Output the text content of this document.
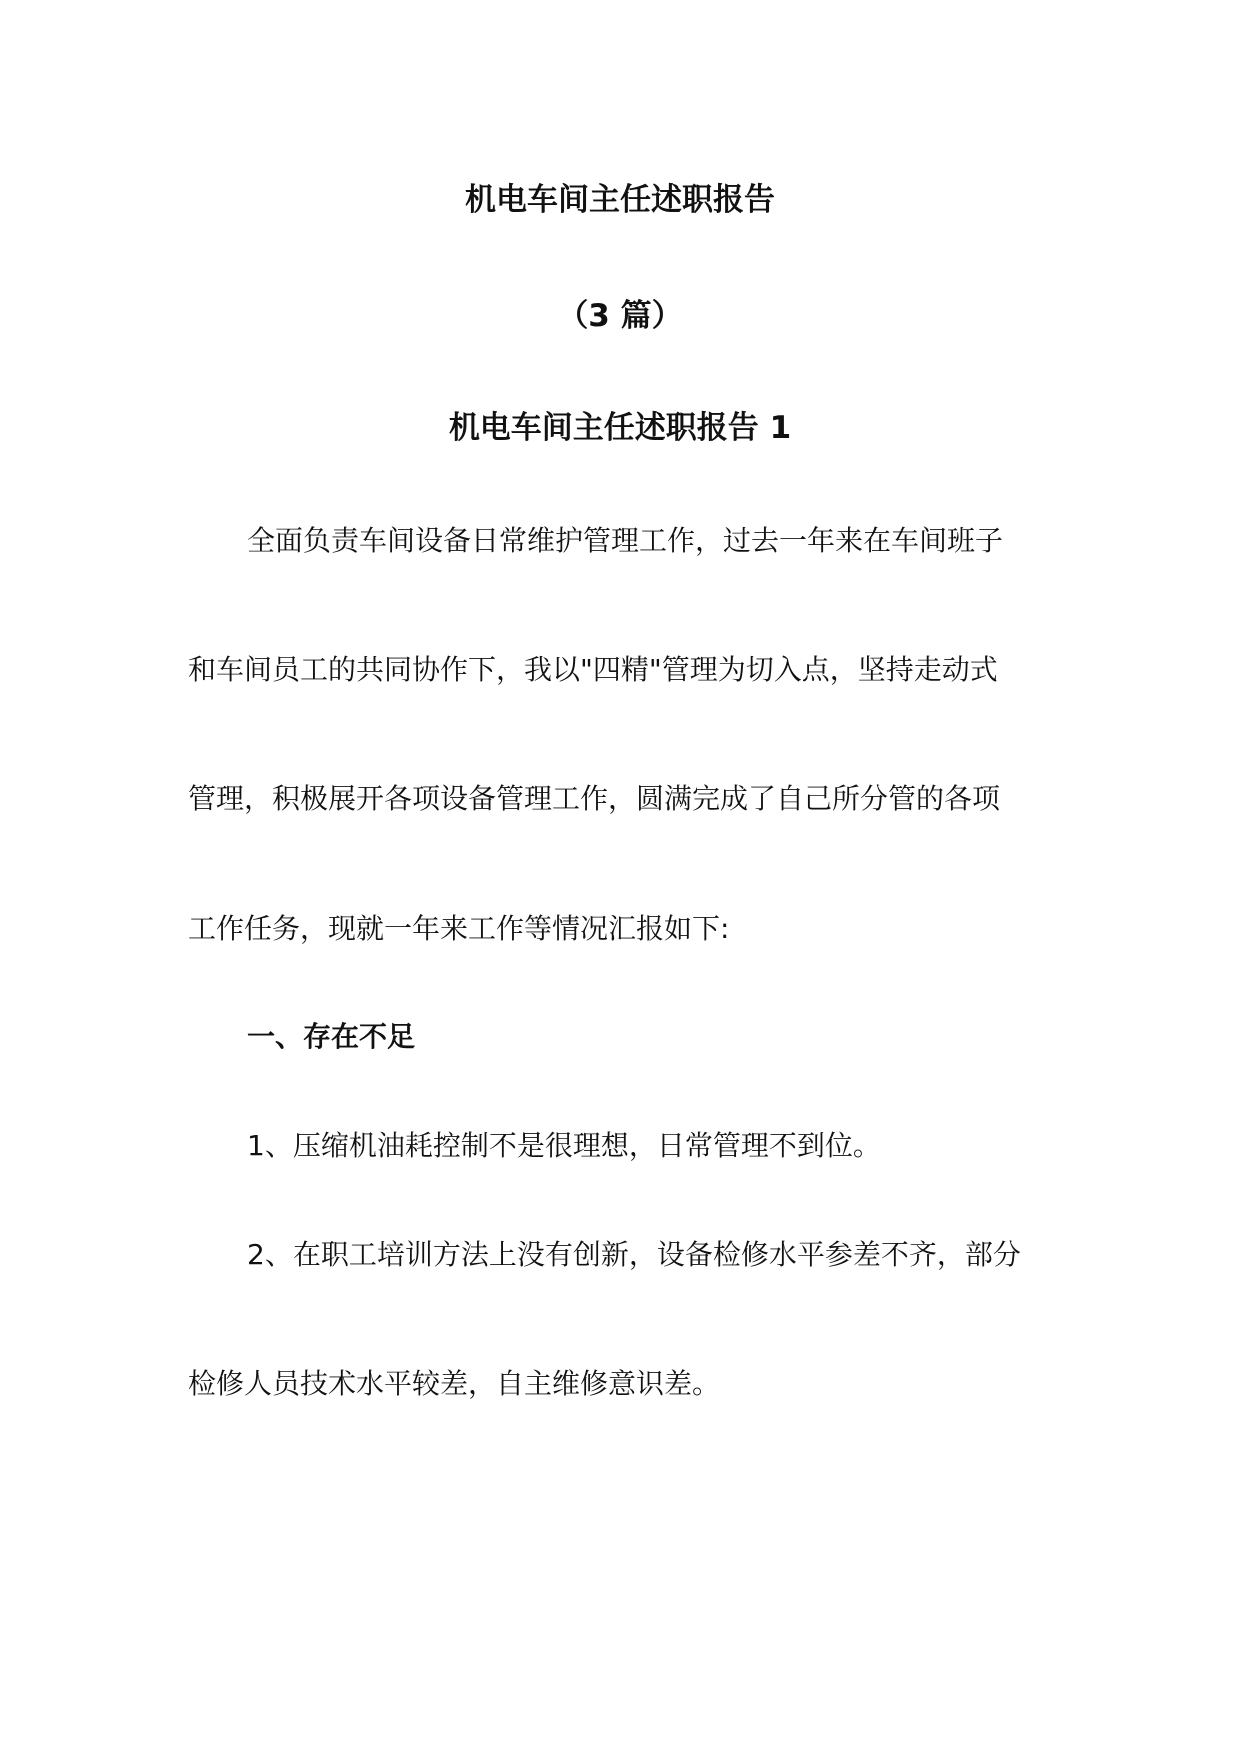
机电车间主任述职报告
（3 篇）
机电车间主任述职报告 1

全面负责车间设备日常维护管理工作，过去一年来在车间班子

和车间员工的共同协作下，我以"四精"管理为切入点，坚持走动式

管理，积极展开各项设备管理工作，圆满完成了自己所分管的各项

工作任务，现就一年来工作等情况汇报如下:

一、存在不足

1、压缩机油耗控制不是很理想，日常管理不到位。

2、在职工培训方法上没有创新，设备检修水平参差不齐，部分

检修人员技术水平较差，自主维修意识差。
